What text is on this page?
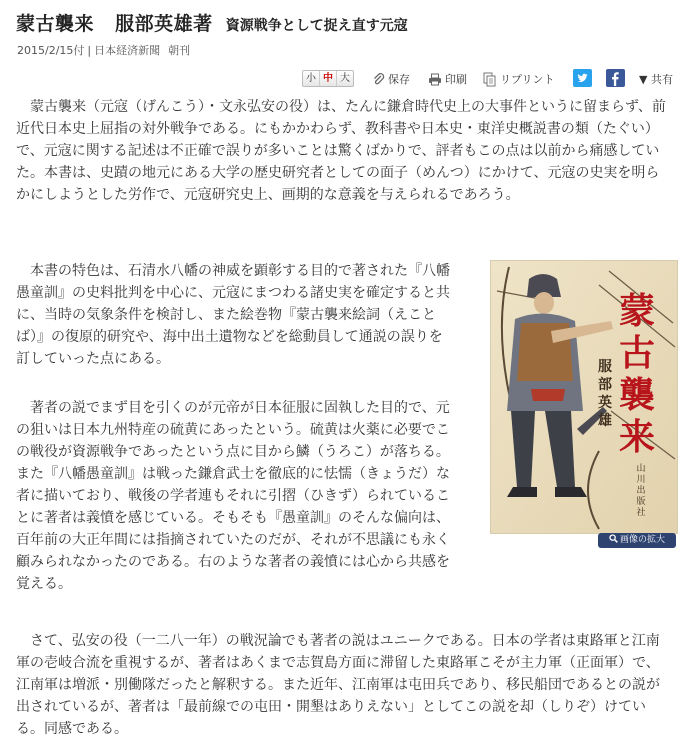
蒙古襲来 服部英雄著 資源戦争として捉え直す元寇
2015/2/15付 | 日本経済新聞 朝刊
小 中 大	保存	印刷	リプリント	▼ 共有

蒙古襲来（元寇（げんこう）・文永弘安の役）は、たんに鎌倉時代史上の大事件というに留まらず、前近代日本史上屈指の対外戦争である。にもかかわらず、教科書や日本史・東洋史概説書の類（たぐい）で、元寇に関する記述は不正確で誤りが多いことは驚くばかりで、評者もこの点は以前から痛感していた。本書は、史蹟の地元にある大学の歴史研究者としての面子（めんつ）にかけて、元寇の史実を明らかにしようとした労作で、元寇研究史上、画期的な意義を与えられるであろう。

本書の特色は、石清水八幡の神威を顕彰する目的で著された『八幡愚童訓』の史料批判を中心に、元寇にまつわる諸史実を確定すると共に、当時の気象条件を検討し、また絵巻物『蒙古襲来絵詞（えことば）』の復原的研究や、海中出土遺物などを総動員して通説の誤りを訂していった点にある。

著者の説でまず目を引くのが元帝が日本征服に固執した目的で、元の狙いは日本九州特産の硫黄にあったという。硫黄は火薬に必要でこの戦役が資源戦争であったという点に目から鱗（うろこ）が落ちる。また『八幡愚童訓』は戦った鎌倉武士を徹底的に怯懦（きょうだ）な者に描いており、戦後の学者連もそれに引摺（ひきず）られていることに著者は義憤を感じている。そもそも『愚童訓』のそんな偏向は、百年前の大正年間には指摘されていたのだが、それが不思議にも永く顧みられなかったのである。右のような著者の義憤には心から共感を覚える。

さて、弘安の役（一二八一年）の戦況論でも著者の説はユニークである。日本の学者は東路軍と江南軍の壱岐合流を重視するが、著者はあくまで志賀島方面に滞留した東路軍こそが主力軍（正面軍）で、江南軍は増派・別働隊だったと解釈する。また近年、江南軍は屯田兵であり、移民船団であるとの説が出されているが、著者は「最前線での屯田・開墾はありえない」としてこの説を却（しりぞ）けている。同感である。

蒙
古
襲
来
服
部
英
雄
山
川
出
版
社
画像の拡大
